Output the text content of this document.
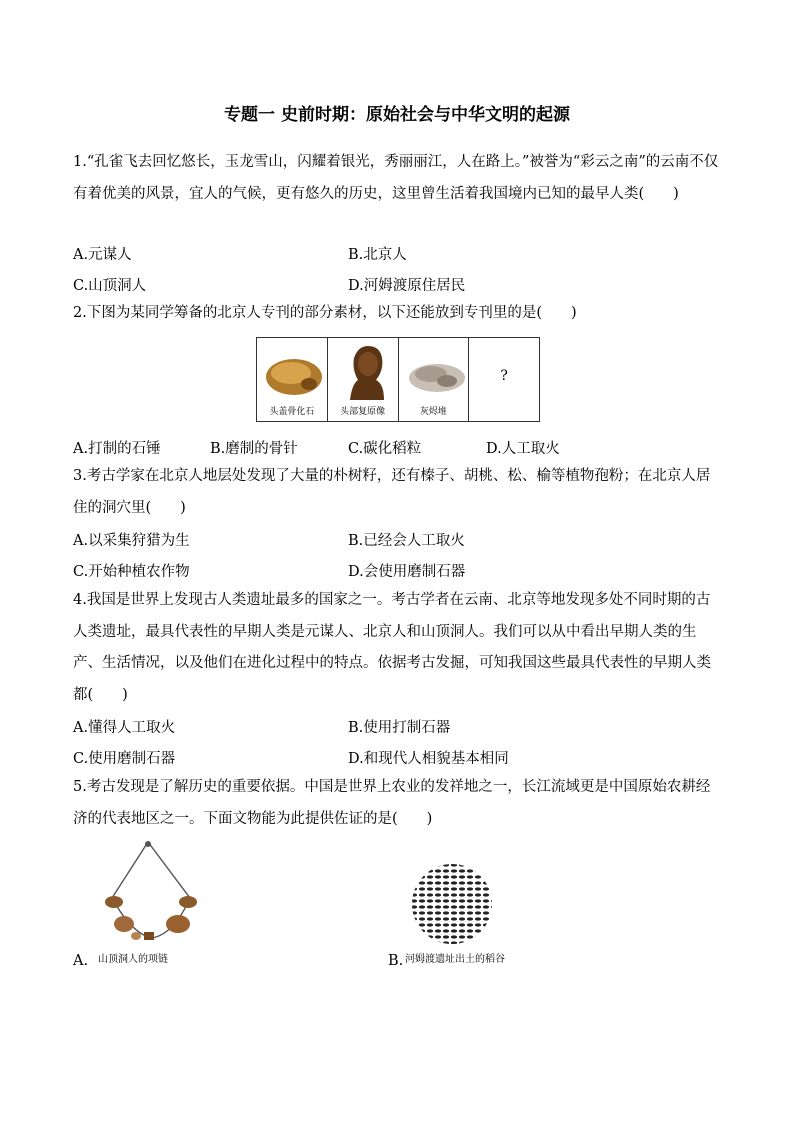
专题一 史前时期：原始社会与中华文明的起源
1.“孔雀飞去回忆悠长，玉龙雪山，闪耀着银光，秀丽丽江，人在路上。”被誉为“彩云之南”的云南不仅有着优美的风景，宜人的气候，更有悠久的历史，这里曾生活着我国境内已知的最早人类(　　)
A.元谋人	B.北京人
C.山顶洞人	D.河姆渡原住居民
2.下图为某同学筹备的北京人专刊的部分素材，以下还能放到专刊里的是(　　)
头盖骨化石	头部复原像	灰烬堆
?
A.打制的石锤	B.磨制的骨针	C.碳化稻粒	D.人工取火
3.考古学家在北京人地层处发现了大量的朴树籽，还有榛子、胡桃、松、榆等植物孢粉；在北京人居住的洞穴里(　　)
A.以采集狩猎为生	B.已经会人工取火
C.开始种植农作物	D.会使用磨制石器
4.我国是世界上发现古人类遗址最多的国家之一。考古学者在云南、北京等地发现多处不同时期的古人类遗址，最具代表性的早期人类是元谋人、北京人和山顶洞人。我们可以从中看出早期人类的生产、生活情况，以及他们在进化过程中的特点。依据考古发掘，可知我国这些最具代表性的早期人类都(　　)
A.懂得人工取火	B.使用打制石器
C.使用磨制石器	D.和现代人相貌基本相同
5.考古发现是了解历史的重要依据。中国是世界上农业的发祥地之一，长江流域更是中国原始农耕经济的代表地区之一。下面文物能为此提供佐证的是(　　)
A. 山顶洞人的项链	B. 河姆渡遗址出土的稻谷
